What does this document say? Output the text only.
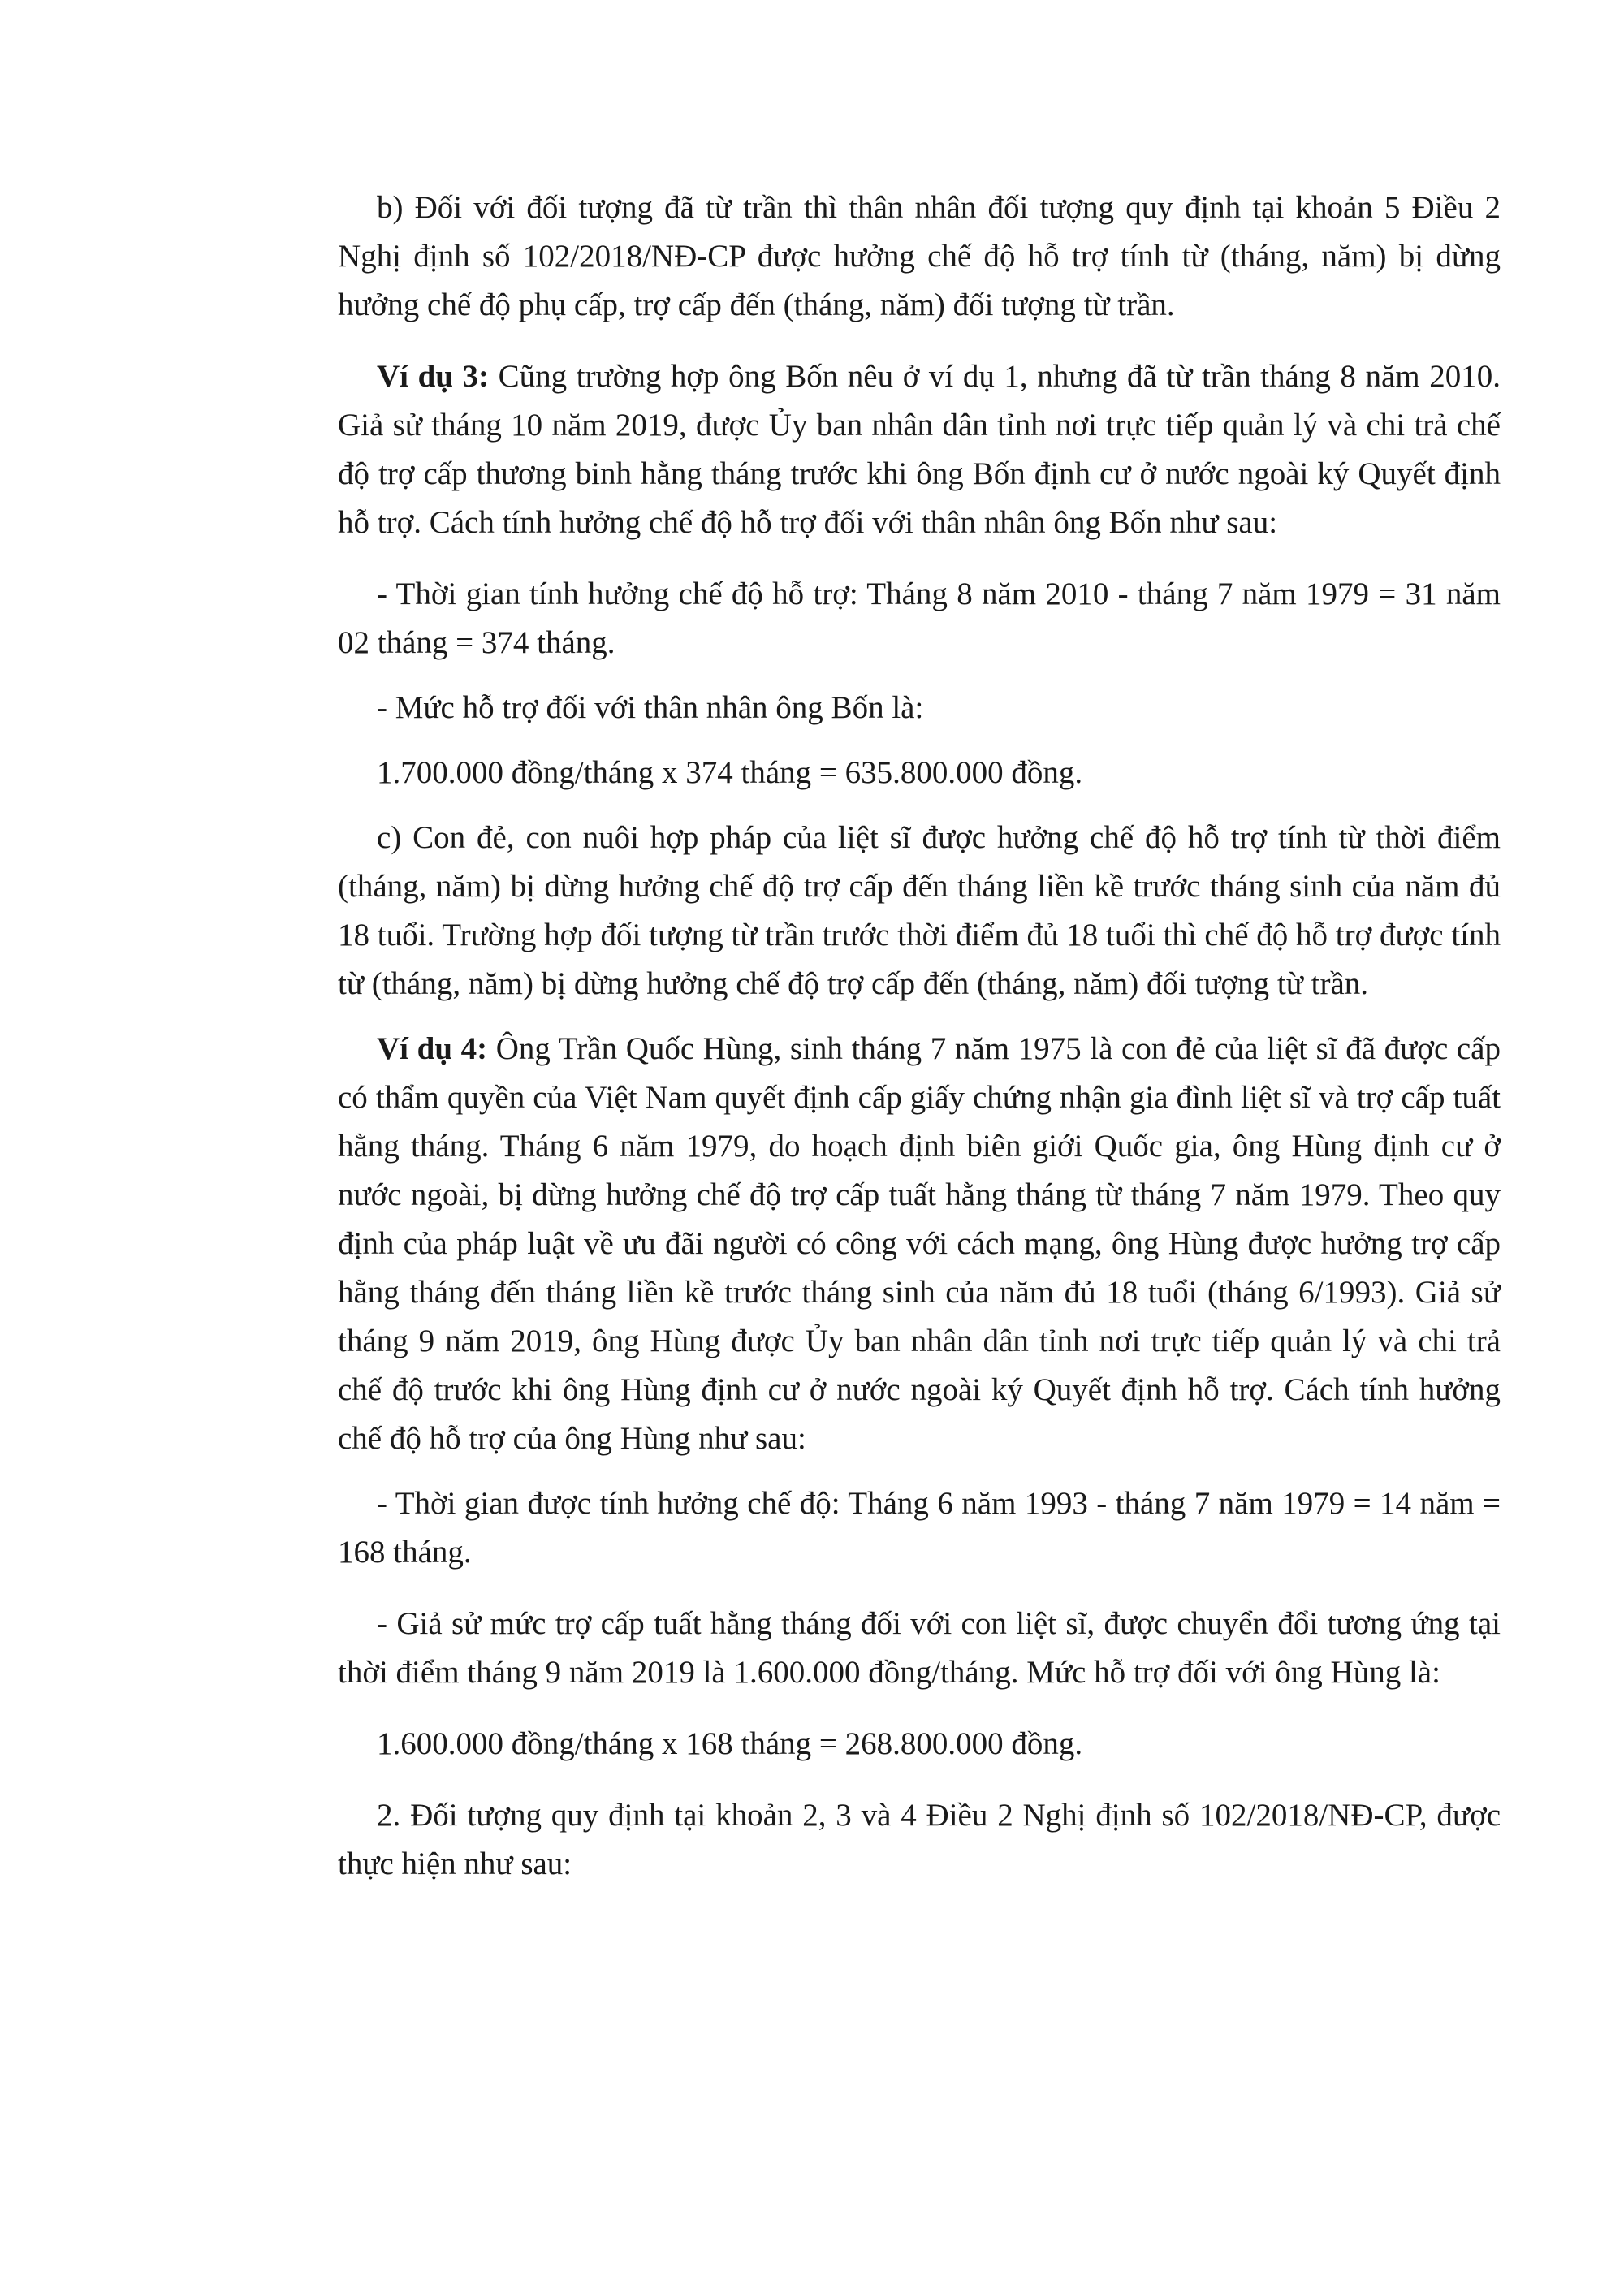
b) Đối với đối tượng đã từ trần thì thân nhân đối tượng quy định tại khoản 5 Điều 2 Nghị định số 102/2018/NĐ-CP được hưởng chế độ hỗ trợ tính từ (tháng, năm) bị dừng hưởng chế độ phụ cấp, trợ cấp đến (tháng, năm) đối tượng từ trần.

Ví dụ 3: Cũng trường hợp ông Bốn nêu ở ví dụ 1, nhưng đã từ trần tháng 8 năm 2010. Giả sử tháng 10 năm 2019, được Ủy ban nhân dân tỉnh nơi trực tiếp quản lý và chi trả chế độ trợ cấp thương binh hằng tháng trước khi ông Bốn định cư ở nước ngoài ký Quyết định hỗ trợ. Cách tính hưởng chế độ hỗ trợ đối với thân nhân ông Bốn như sau:

- Thời gian tính hưởng chế độ hỗ trợ: Tháng 8 năm 2010 - tháng 7 năm 1979 = 31 năm 02 tháng = 374 tháng.

- Mức hỗ trợ đối với thân nhân ông Bốn là:

1.700.000 đồng/tháng x 374 tháng = 635.800.000 đồng.

c) Con đẻ, con nuôi hợp pháp của liệt sĩ được hưởng chế độ hỗ trợ tính từ thời điểm (tháng, năm) bị dừng hưởng chế độ trợ cấp đến tháng liền kề trước tháng sinh của năm đủ 18 tuổi. Trường hợp đối tượng từ trần trước thời điểm đủ 18 tuổi thì chế độ hỗ trợ được tính từ (tháng, năm) bị dừng hưởng chế độ trợ cấp đến (tháng, năm) đối tượng từ trần.

Ví dụ 4: Ông Trần Quốc Hùng, sinh tháng 7 năm 1975 là con đẻ của liệt sĩ đã được cấp có thẩm quyền của Việt Nam quyết định cấp giấy chứng nhận gia đình liệt sĩ và trợ cấp tuất hằng tháng. Tháng 6 năm 1979, do hoạch định biên giới Quốc gia, ông Hùng định cư ở nước ngoài, bị dừng hưởng chế độ trợ cấp tuất hằng tháng từ tháng 7 năm 1979. Theo quy định của pháp luật về ưu đãi người có công với cách mạng, ông Hùng được hưởng trợ cấp hằng tháng đến tháng liền kề trước tháng sinh của năm đủ 18 tuổi (tháng 6/1993). Giả sử tháng 9 năm 2019, ông Hùng được Ủy ban nhân dân tỉnh nơi trực tiếp quản lý và chi trả chế độ trước khi ông Hùng định cư ở nước ngoài ký Quyết định hỗ trợ. Cách tính hưởng chế độ hỗ trợ của ông Hùng như sau:

- Thời gian được tính hưởng chế độ: Tháng 6 năm 1993 - tháng 7 năm 1979 = 14 năm = 168 tháng.

- Giả sử mức trợ cấp tuất hằng tháng đối với con liệt sĩ, được chuyển đổi tương ứng tại thời điểm tháng 9 năm 2019 là 1.600.000 đồng/tháng. Mức hỗ trợ đối với ông Hùng là:

1.600.000 đồng/tháng x 168 tháng = 268.800.000 đồng.

2. Đối tượng quy định tại khoản 2, 3 và 4 Điều 2 Nghị định số 102/2018/NĐ-CP, được thực hiện như sau:
